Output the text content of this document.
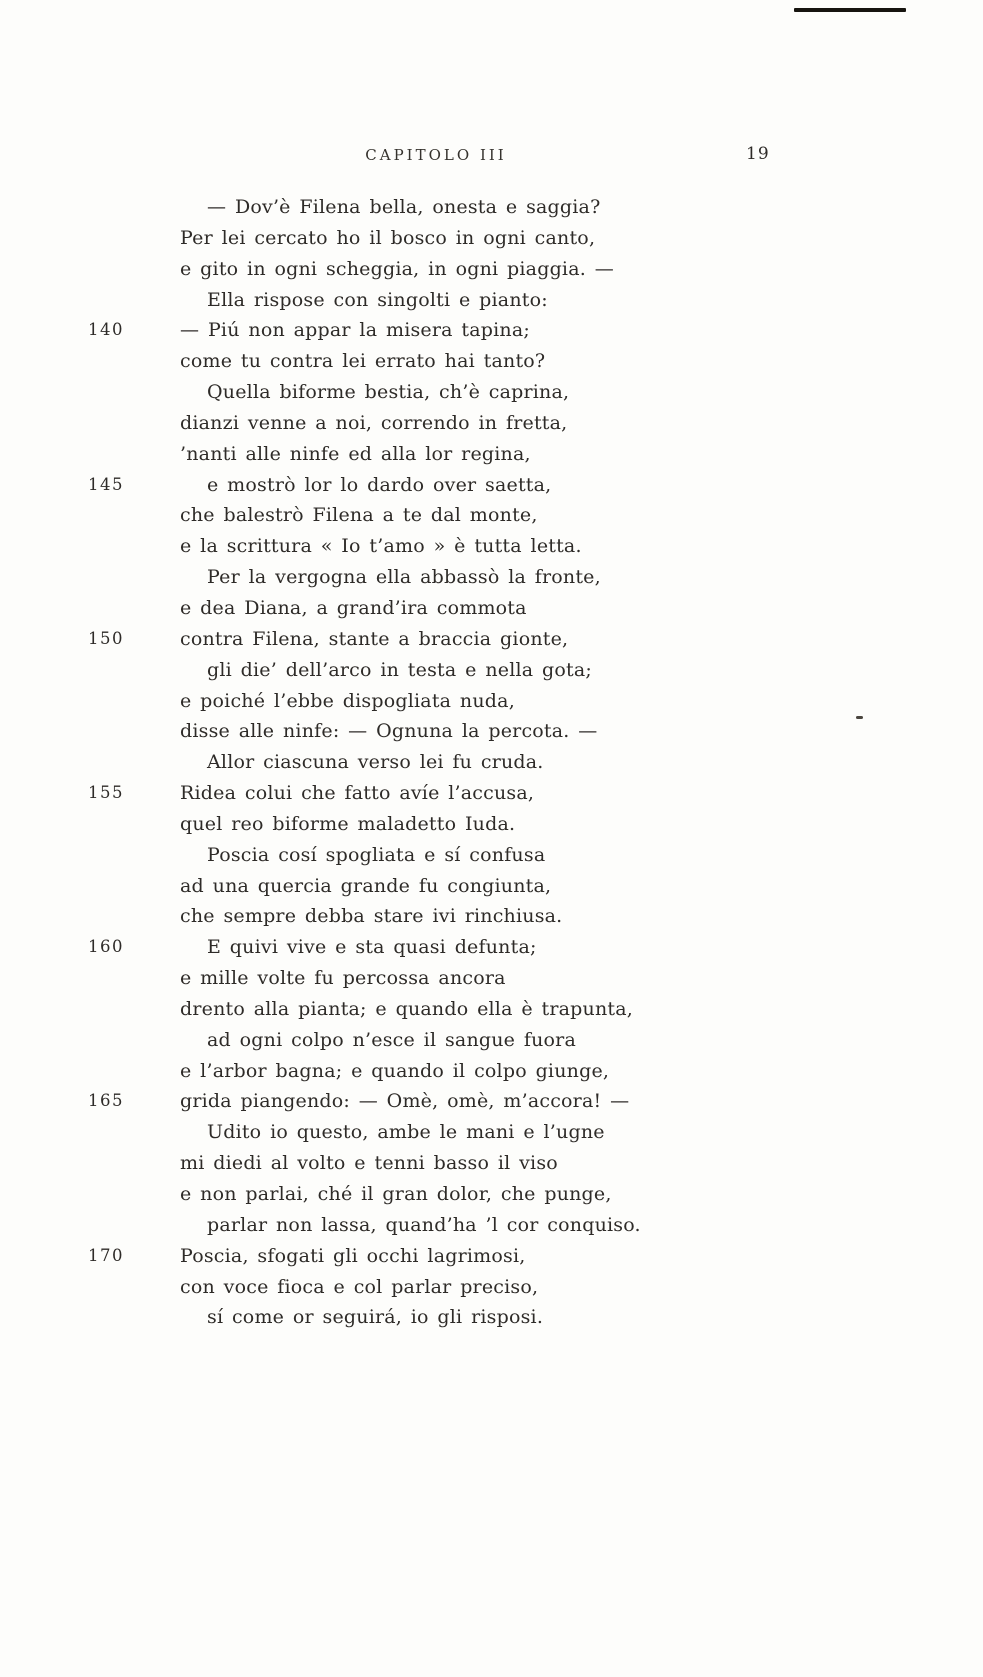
CAPITOLO III	19
— Dov’è Filena bella, onesta e saggia?
Per lei cercato ho il bosco in ogni canto,
e gito in ogni scheggia, in ogni piaggia. —
Ella rispose con singolti e pianto:
140	— Piú non appar la misera tapina;
come tu contra lei errato hai tanto?
Quella biforme bestia, ch’è caprina,
dianzi venne a noi, correndo in fretta,
’nanti alle ninfe ed alla lor regina,
145	e mostrò lor lo dardo over saetta,
che balestrò Filena a te dal monte,
e la scrittura « Io t’amo » è tutta letta.
Per la vergogna ella abbassò la fronte,
e dea Diana, a grand’ira commota
150	contra Filena, stante a braccia gionte,
gli die’ dell’arco in testa e nella gota;
e poiché l’ebbe dispogliata nuda,
disse alle ninfe: — Ognuna la percota. —
Allor ciascuna verso lei fu cruda.
155	Ridea colui che fatto avíe l’accusa,
quel reo biforme maladetto Iuda.
Poscia cosí spogliata e sí confusa
ad una quercia grande fu congiunta,
che sempre debba stare ivi rinchiusa.
160	E quivi vive e sta quasi defunta;
e mille volte fu percossa ancora
drento alla pianta; e quando ella è trapunta,
ad ogni colpo n’esce il sangue fuora
e l’arbor bagna; e quando il colpo giunge,
165	grida piangendo: — Omè, omè, m’accora! —
Udito io questo, ambe le mani e l’ugne
mi diedi al volto e tenni basso il viso
e non parlai, ché il gran dolor, che punge,
parlar non lassa, quand’ha ’l cor conquiso.
170	Poscia, sfogati gli occhi lagrimosi,
con voce fioca e col parlar preciso,
sí come or seguirá, io gli risposi.
